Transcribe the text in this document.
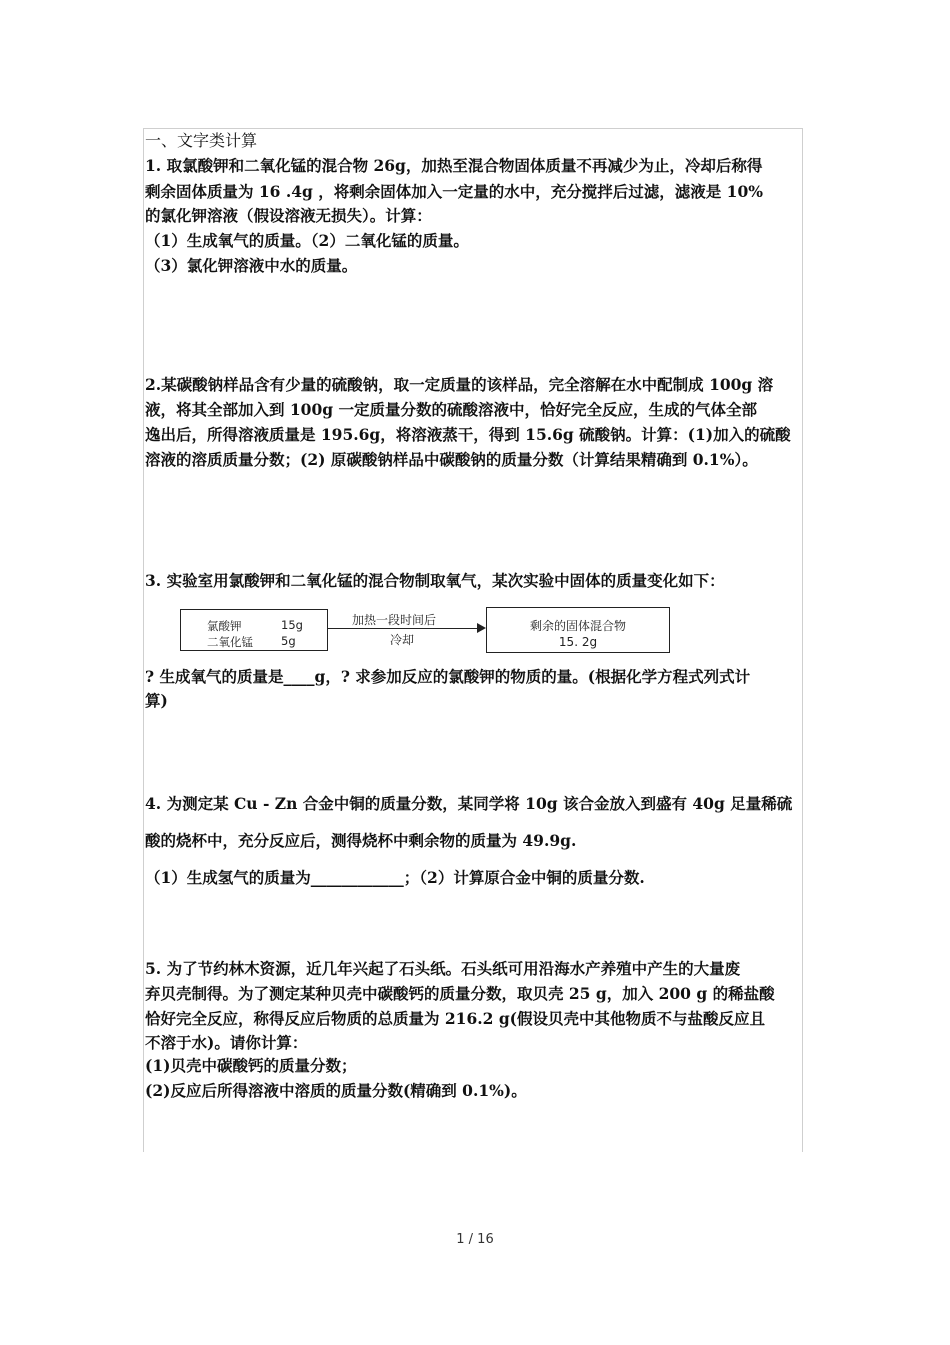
一、文字类计算
1. 取氯酸钾和二氧化锰的混合物 26g，加热至混合物固体质量不再减少为止，冷却后称得
剩余固体质量为 16 .4g ，将剩余固体加入一定量的水中，充分搅拌后过滤，滤液是 10%
的氯化钾溶液（假设溶液无损失）。计算：
（1）生成氧气的质量。（2）二氧化锰的质量。
（3）氯化钾溶液中水的质量。
2.某碳酸钠样品含有少量的硫酸钠，取一定质量的该样品，完全溶解在水中配制成 100g 溶
液，将其全部加入到 100g 一定质量分数的硫酸溶液中，恰好完全反应，生成的气体全部
逸出后，所得溶液质量是 195.6g，将溶液蒸干，得到 15.6g 硫酸钠。计算：(1)加入的硫酸
溶液的溶质质量分数；(2) 原碳酸钠样品中碳酸钠的质量分数（计算结果精确到 0.1%）。
3. 实验室用氯酸钾和二氧化锰的混合物制取氧气，某次实验中固体的质量变化如下：
氯酸钾	15g
二氧化锰 5g
加热一段时间后
冷却
剩余的固体混合物
15. 2g
? 生成氧气的质量是____g，? 求参加反应的氯酸钾的物质的量。(根据化学方程式列式计
算)
4. 为测定某 Cu - Zn 合金中铜的质量分数，某同学将 10g 该合金放入到盛有 40g 足量稀硫
酸的烧杯中，充分反应后，测得烧杯中剩余物的质量为 49.9g.
（1）生成氢气的质量为____________；（2）计算原合金中铜的质量分数.
5. 为了节约林木资源，近几年兴起了石头纸。石头纸可用沿海水产养殖中产生的大量废
弃贝壳制得。为了测定某种贝壳中碳酸钙的质量分数，取贝壳 25 g，加入 200 g 的稀盐酸
恰好完全反应，称得反应后物质的总质量为 216.2 g(假设贝壳中其他物质不与盐酸反应且
不溶于水)。请你计算：
(1)贝壳中碳酸钙的质量分数；
(2)反应后所得溶液中溶质的质量分数(精确到 0.1%)。
1 / 16
